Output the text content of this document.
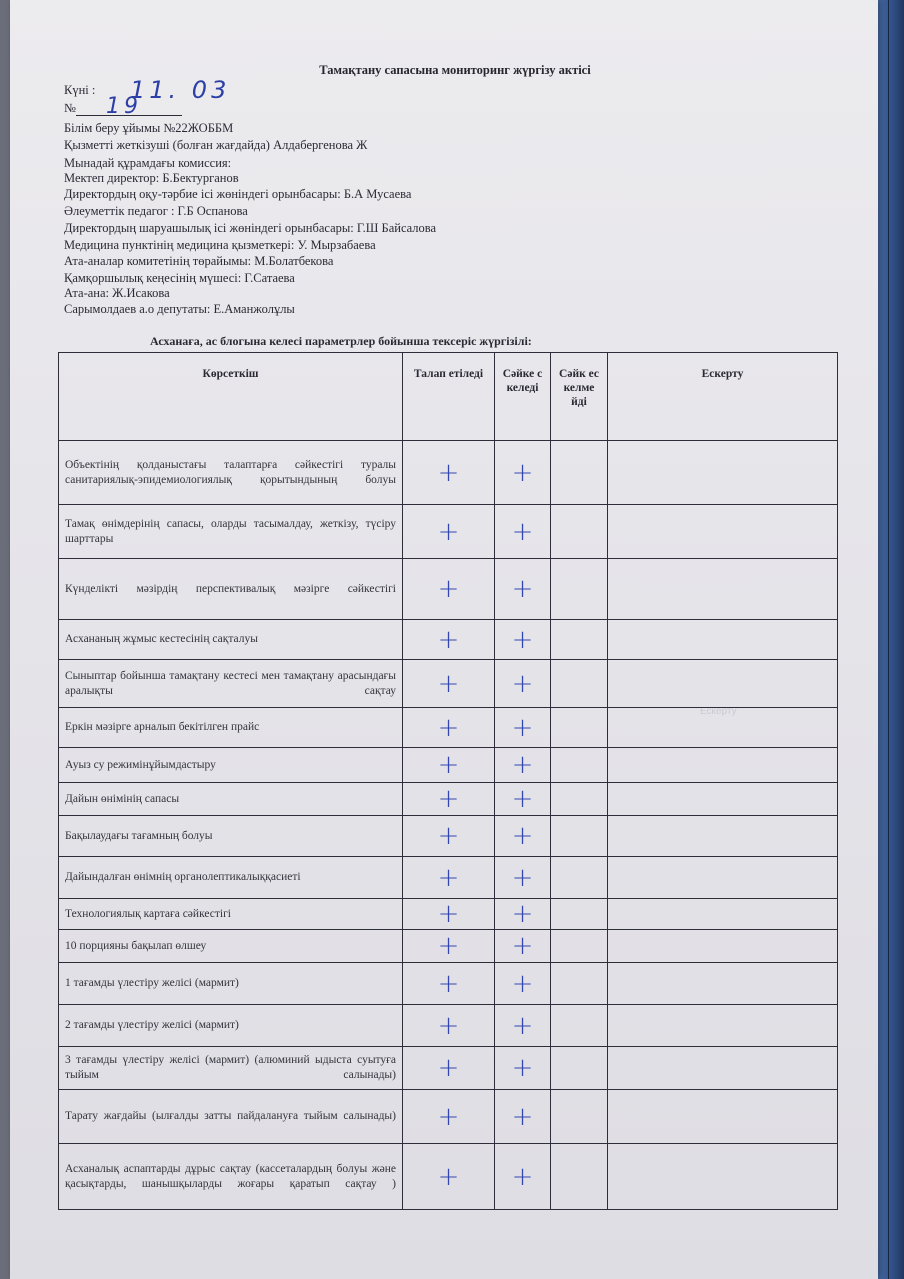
Тамақтану сапасына мониторинг жүргізу актісі
Күні : 11. 03
№ 19
Білім беру ұйымы №22ЖОББМ
Қызметті жеткізуші (болған жағдайда) Алдабергенова Ж
Мынадай құрамдағы комиссия:
Мектеп директор: Б.Бектурганов
Директордың оқу-тәрбие ісі жөніндегі орынбасары: Б.А Мусаева
Әлеуметтік педагог : Г.Б Оспанова
Директордың шаруашылық ісі жөніндегі орынбасары: Г.Ш Байсалова
Медицина пунктінің медицина қызметкері: У. Мырзабаева
Ата-аналар комитетінің төрайымы: М.Болатбекова
Қамқоршылық кеңесінің мүшесі: Г.Сатаева
Ата-ана: Ж.Исакова
Сарымолдаев а.о депутаты: Е.Аманжолұлы
Асханаға, ас блогына келесі параметрлер бойынша тексеріс жүргізілі:
Ескерту
Көрсеткіш	Талап етіледі	Сәйке с келеді	Сәйк ес келме йді	Ескерту
Объектінің қолданыстағы талаптарға сәйкестігі туралы санитариялық-эпидемиологиялық қорытындының болуы	+	+		
Тамақ өнімдерінің сапасы, оларды тасымалдау, жеткізу, түсіру шарттары	+	+		
Күнделікті мәзірдің перспективалық мәзірге сәйкестігі	+	+		
Асхананың жұмыс кестесінің сақталуы	+	+		
Сыныптар бойынша тамақтану кестесі мен тамақтану арасындағы аралықты сақтау	+	+		
Еркін мәзірге арналып бекітілген прайс	+	+		
Ауыз су режимінұйымдастыру	+	+		
Дайын өнімінің сапасы	+	+		
Бақылаудағы тағамның болуы	+	+		
Дайындалған өнімнің органолептикалыққасиеті	+	+		
Технологиялық картаға сәйкестігі	+	+		
10 порцияны бақылап өлшеу	+	+		
1 тағамды үлестіру желісі (мармит)	+	+		
2 тағамды үлестіру желісі (мармит)	+	+		
3 тағамды үлестіру желісі (мармит) (алюминий ыдыста суытуға тыйым салынады)	+	+		
Тарату жағдайы (ылғалды затты пайдалануға тыйым салынады)	+	+		
Асханалық аспаптарды дұрыс сақтау (кассеталардың болуы және қасықтарды, шанышқыларды жоғары қаратып сақтау )	+	+		
